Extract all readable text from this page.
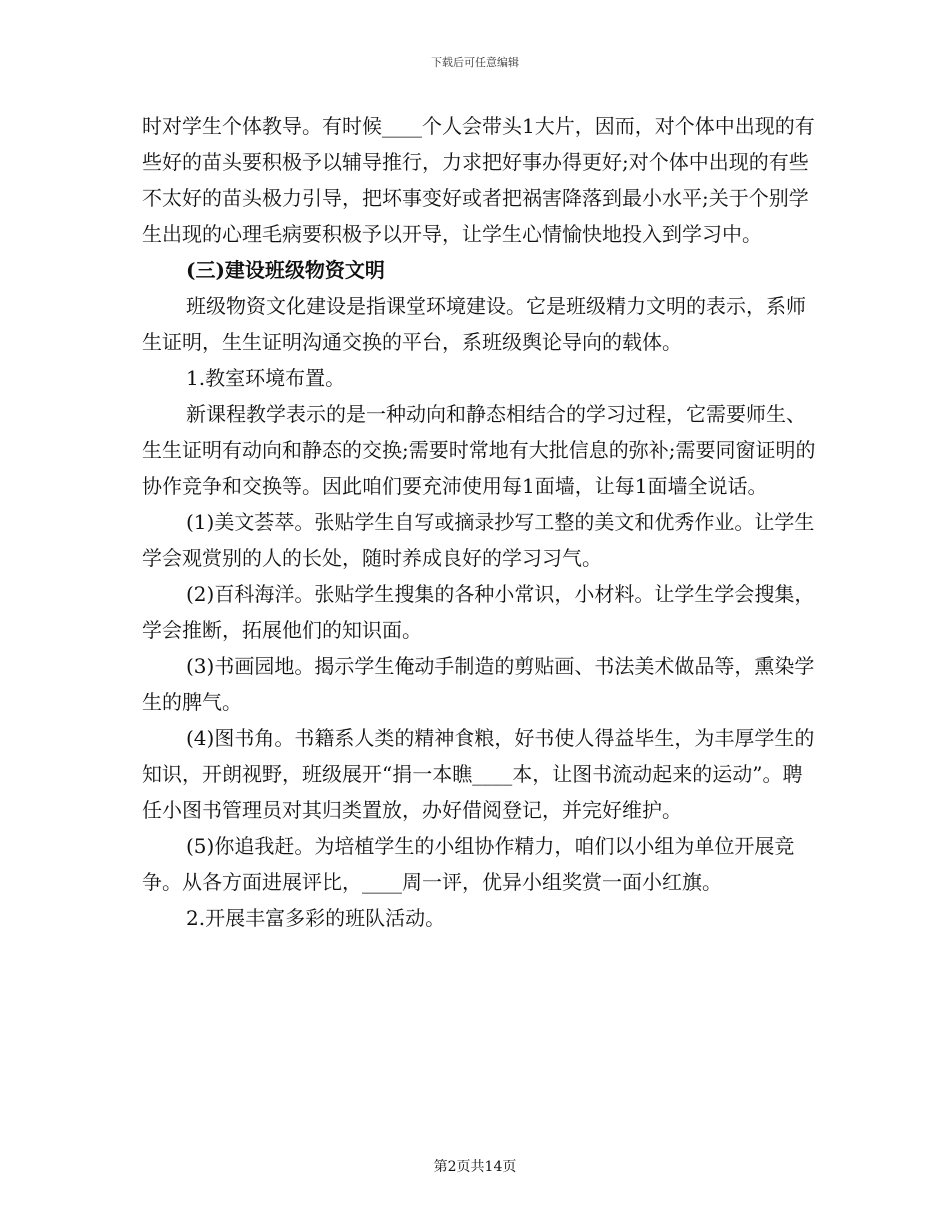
下载后可任意编辑

时对学生个体教导。有时候____个人会带头1大片，因而，对个体中出现的有些好的苗头要积极予以辅导推行，力求把好事办得更好;对个体中出现的有些不太好的苗头极力引导，把坏事变好或者把祸害降落到最小水平;关于个别学生出现的心理毛病要积极予以开导，让学生心情愉快地投入到学习中。

(三)建设班级物资文明

班级物资文化建设是指课堂环境建设。它是班级精力文明的表示，系师生证明，生生证明沟通交换的平台，系班级舆论导向的载体。

1.教室环境布置。

新课程教学表示的是一种动向和静态相结合的学习过程，它需要师生、生生证明有动向和静态的交换;需要时常地有大批信息的弥补;需要同窗证明的协作竞争和交换等。因此咱们要充沛使用每1面墙，让每1面墙全说话。

(1)美文荟萃。张贴学生自写或摘录抄写工整的美文和优秀作业。让学生学会观赏别的人的长处，随时养成良好的学习习气。

(2)百科海洋。张贴学生搜集的各种小常识，小材料。让学生学会搜集，学会推断，拓展他们的知识面。

(3)书画园地。揭示学生俺动手制造的剪贴画、书法美术做品等，熏染学生的脾气。

(4)图书角。书籍系人类的精神食粮，好书使人得益毕生，为丰厚学生的知识，开朗视野，班级展开“捐一本瞧____本，让图书流动起来的运动”。聘任小图书管理员对其归类置放，办好借阅登记，并完好维护。

(5)你追我赶。为培植学生的小组协作精力，咱们以小组为单位开展竞争。从各方面进展评比，____周一评，优异小组奖赏一面小红旗。

2.开展丰富多彩的班队活动。

第2页共14页
